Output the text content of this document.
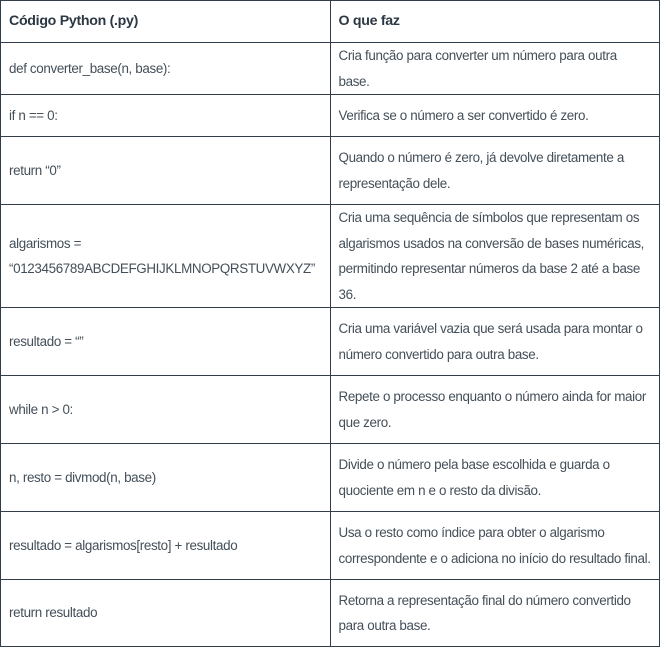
Código Python (.py)	O que faz
def converter_base(n, base):	Cria função para converter um número para outra base.
if n == 0:	Verifica se o número a ser convertido é zero.
return “0”	Quando o número é zero, já devolve diretamente a representação dele.
algarismos = “0123456789ABCDEFGHIJKLMNOPQRSTUVWXYZ”	Cria uma sequência de símbolos que representam os algarismos usados na conversão de bases numéricas, permitindo representar números da base 2 até a base 36.
resultado = “”	Cria uma variável vazia que será usada para montar o número convertido para outra base.
while n > 0:	Repete o processo enquanto o número ainda for maior que zero.
n, resto = divmod(n, base)	Divide o número pela base escolhida e guarda o quociente em n e o resto da divisão.
resultado = algarismos[resto] + resultado	Usa o resto como índice para obter o algarismo correspondente e o adiciona no início do resultado final.
return resultado	Retorna a representação final do número convertido para outra base.
